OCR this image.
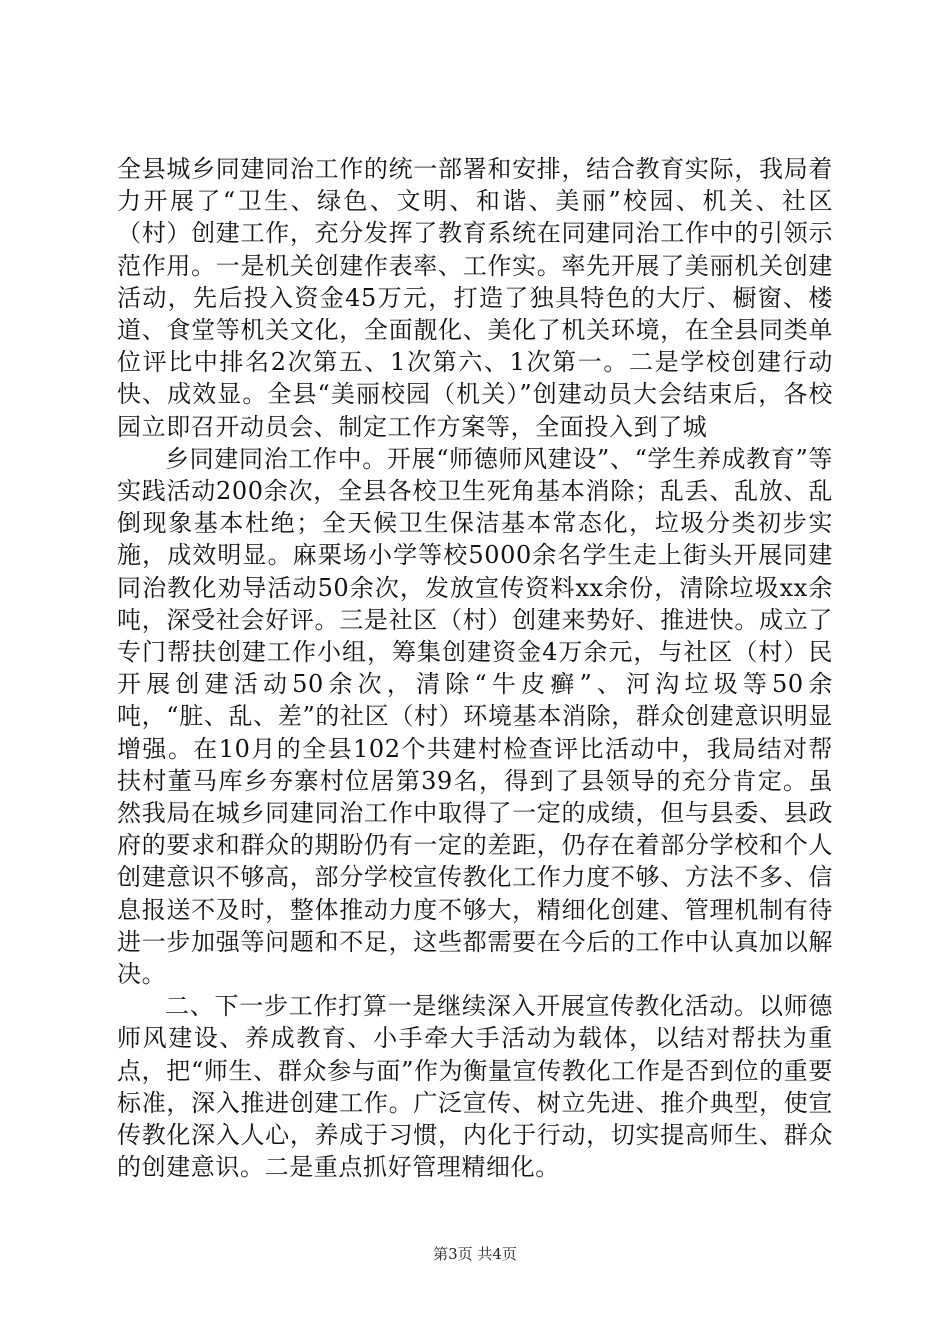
全县城乡同建同治工作的统一部署和安排，结合教育实际，我局着力开展了“卫生、绿色、文明、和谐、美丽”校园、机关、社区（村）创建工作，充分发挥了教育系统在同建同治工作中的引领示范作用。一是机关创建作表率、工作实。率先开展了美丽机关创建活动，先后投入资金45万元，打造了独具特色的大厅、橱窗、楼道、食堂等机关文化，全面靓化、美化了机关环境，在全县同类单位评比中排名2次第五、1次第六、1次第一。二是学校创建行动快、成效显。全县“美丽校园（机关）”创建动员大会结束后，各校园立即召开动员会、制定工作方案等，全面投入到了城

乡同建同治工作中。开展“师德师风建设”、“学生养成教育”等实践活动200余次，全县各校卫生死角基本消除；乱丢、乱放、乱倒现象基本杜绝；全天候卫生保洁基本常态化，垃圾分类初步实施，成效明显。麻栗场小学等校5000余名学生走上街头开展同建同治教化劝导活动50余次，发放宣传资料xx余份，清除垃圾xx余吨，深受社会好评。三是社区（村）创建来势好、推进快。成立了专门帮扶创建工作小组，筹集创建资金4万余元，与社区（村）民开展创建活动50余次，清除“牛皮癣”、河沟垃圾等50余吨，“脏、乱、差”的社区（村）环境基本消除，群众创建意识明显增强。在10月的全县102个共建村检查评比活动中，我局结对帮扶村董马库乡夯寨村位居第39名，得到了县领导的充分肯定。虽然我局在城乡同建同治工作中取得了一定的成绩，但与县委、县政府的要求和群众的期盼仍有一定的差距，仍存在着部分学校和个人创建意识不够高，部分学校宣传教化工作力度不够、方法不多、信息报送不及时，整体推动力度不够大，精细化创建、管理机制有待进一步加强等问题和不足，这些都需要在今后的工作中认真加以解决。

二、下一步工作打算一是继续深入开展宣传教化活动。以师德师风建设、养成教育、小手牵大手活动为载体，以结对帮扶为重点，把“师生、群众参与面”作为衡量宣传教化工作是否到位的重要标准，深入推进创建工作。广泛宣传、树立先进、推介典型，使宣传教化深入人心，养成于习惯，内化于行动，切实提高师生、群众的创建意识。二是重点抓好管理精细化。

第3页 共4页
